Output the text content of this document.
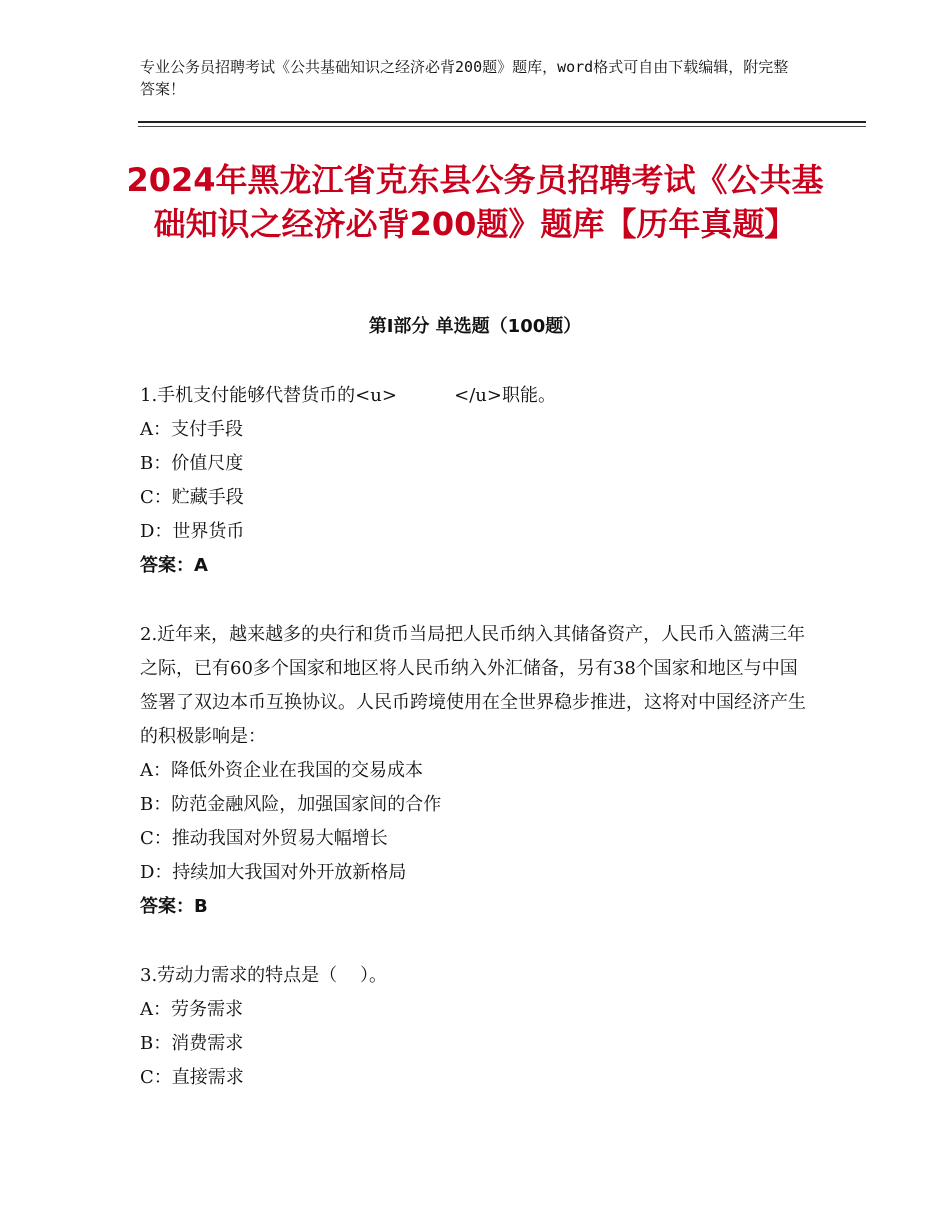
专业公务员招聘考试《公共基础知识之经济必背200题》题库，word格式可自由下载编辑，附完整答案！
2024年黑龙江省克东县公务员招聘考试《公共基础知识之经济必背200题》题库【历年真题】
第I部分 单选题（100题）
1.手机支付能够代替货币的<u>          </u>职能。
A：支付手段
B：价值尺度
C：贮藏手段
D：世界货币
答案：A
2.近年来，越来越多的央行和货币当局把人民币纳入其储备资产，人民币入篮满三年之际，已有60多个国家和地区将人民币纳入外汇储备，另有38个国家和地区与中国签署了双边本币互换协议。人民币跨境使用在全世界稳步推进，这将对中国经济产生的积极影响是：
A：降低外资企业在我国的交易成本
B：防范金融风险，加强国家间的合作
C：推动我国对外贸易大幅增长
D：持续加大我国对外开放新格局
答案：B
3.劳动力需求的特点是（    ）。
A：劳务需求
B：消费需求
C：直接需求
